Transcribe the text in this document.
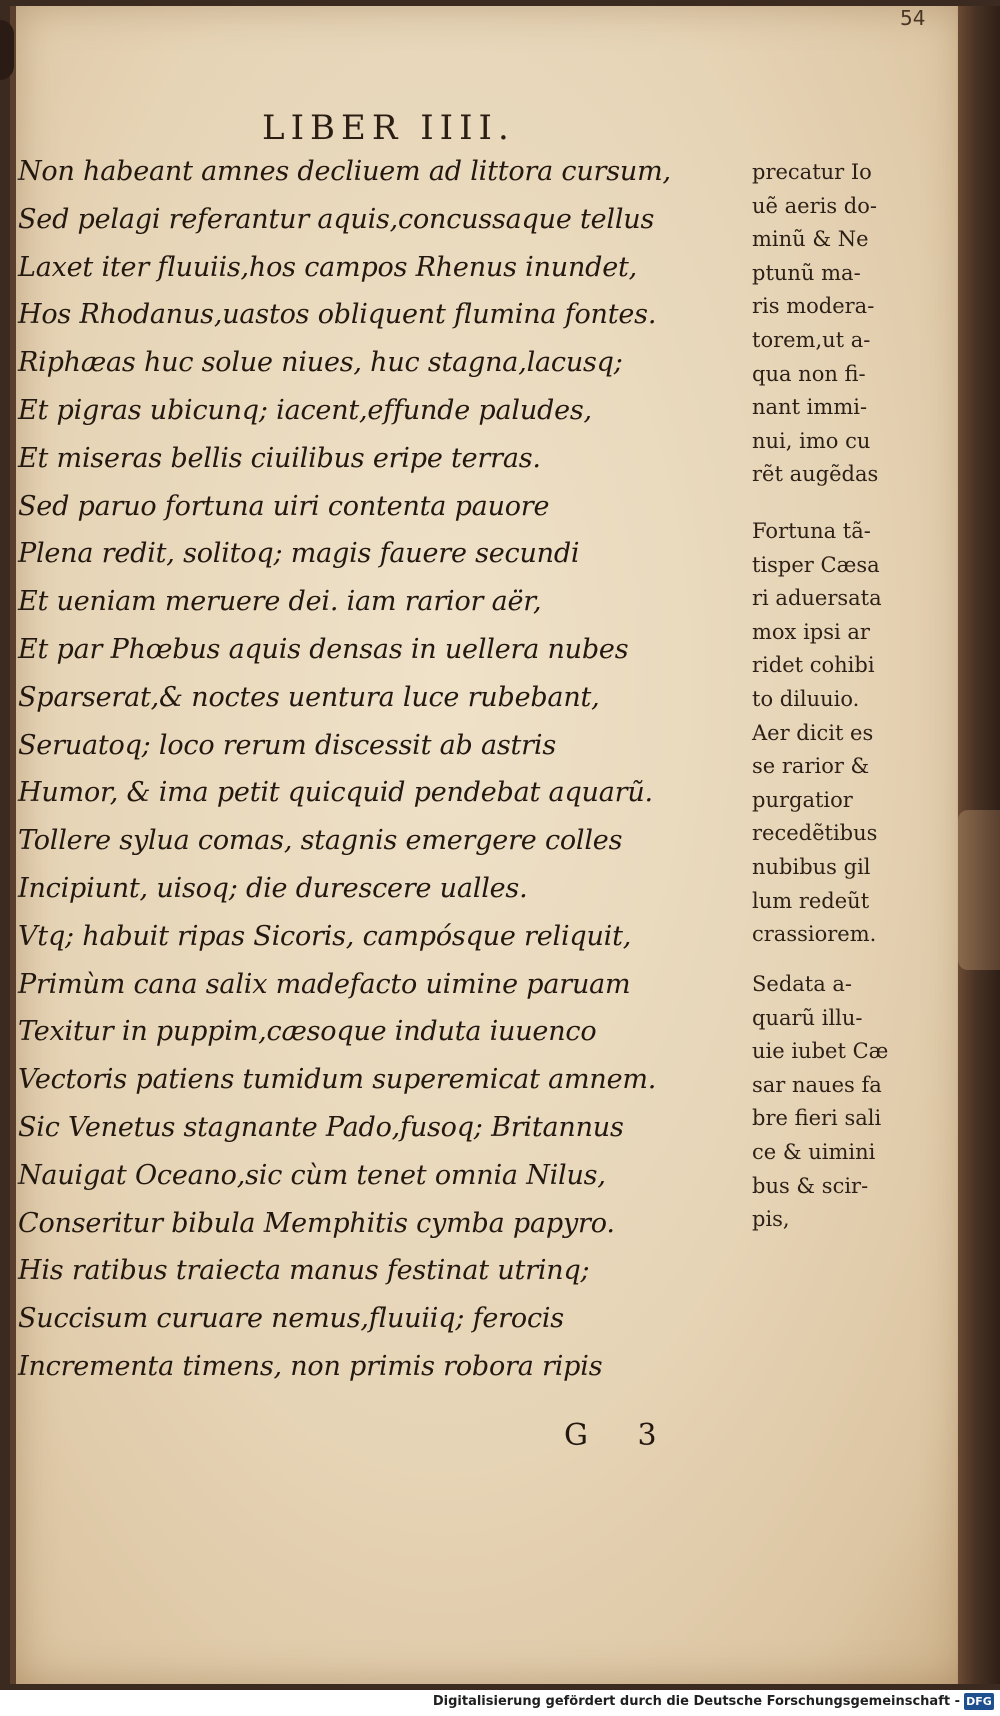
54
LIBER IIII.
Non habeant amnes decliuem ad littora cursum,
Sed pelagi referantur aquis,concussaque tellus
Laxet iter fluuiis,hos campos Rhenus inundet,
Hos Rhodanus,uastos obliquent flumina fontes.
Riphæas huc solue niues, huc stagna,lacusq;
Et pigras ubicunq; iacent,effunde paludes,
Et miseras bellis ciuilibus eripe terras.
Sed paruo fortuna uiri contenta pauore
Plena redit, solitoq; magis fauere secundi
Et ueniam meruere dei. iam rarior aër,
Et par Phœbus aquis densas in uellera nubes
Sparserat,& noctes uentura luce rubebant,
Seruatoq; loco rerum discessit ab astris
Humor, & ima petit quicquid pendebat aquarũ.
Tollere sylua comas, stagnis emergere colles
Incipiunt, uisoq; die durescere ualles.
Vtq; habuit ripas Sicoris, campósque reliquit,
Primùm cana salix madefacto uimine paruam
Texitur in puppim,cæsoque induta iuuenco
Vectoris patiens tumidum superemicat amnem.
Sic Venetus stagnante Pado,fusoq; Britannus
Nauigat Oceano,sic cùm tenet omnia Nilus,
Conseritur bibula Memphitis cymba papyro.
His ratibus traiecta manus festinat utrinq;
Succisum curuare nemus,fluuiiq; ferocis
Incrementa timens, non primis robora ripis
precatur Io
uẽ aeris do-
minũ & Ne
ptunũ ma-
ris modera-
torem,ut a-
qua non fi-
nant immi-
nui, imo cu
rẽt augẽdas
Fortuna tã-
tisper Cæsa
ri aduersata
mox ipsi ar
ridet cohibi
to diluuio.
Aer dicit es
se rarior &
purgatior
recedẽtibus
nubibus gil
lum redeũt
crassiorem.
Sedata a-
quarũ illu-
uie iubet Cæ
sar naues fa
bre fieri sali
ce & uimini
bus & scir-
pis,
G 3
Digitalisierung gefördert durch die Deutsche Forschungsgemeinschaft - DFG
